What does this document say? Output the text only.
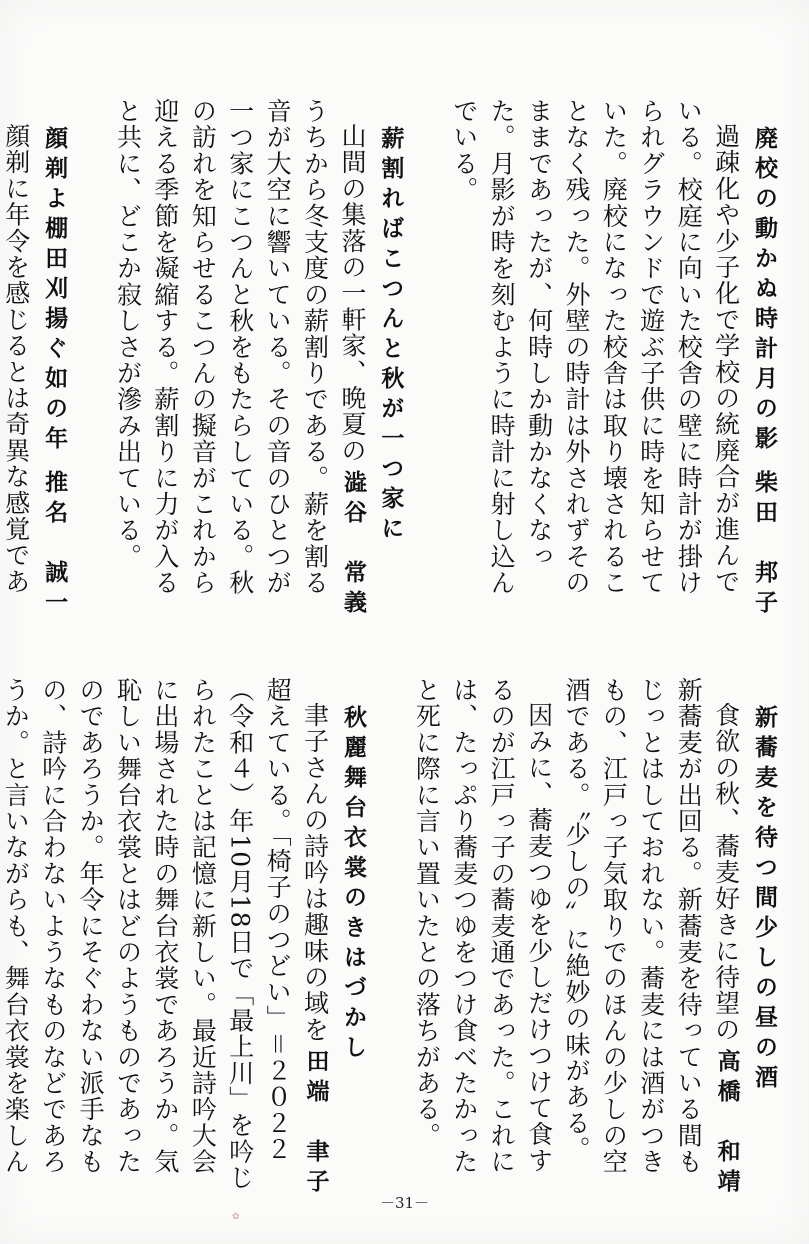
廃校の動かぬ時計月の影
柴田　邦子
過疎化や少子化で学校の統廃合が進んでいる。校庭に向いた校舎の壁に時計が掛けられグラウンドで遊ぶ子供に時を知らせていた。廃校になった校舎は取り壊されることなく残った。外壁の時計は外されずそのままであったが、何時しか動かなくなった。月影が時を刻むように時計に射し込んでいる。
薪割ればこつんと秋が一つ家に
澁谷　常義
山間の集落の一軒家、晩夏のうちから冬支度の薪割りである。薪を割る音が大空に響いている。その音のひとつが一つ家にこつんと秋をもたらしている。秋の訪れを知らせるこつんの擬音がこれから迎える季節を凝縮する。薪割りに力が入ると共に、どこか寂しさが滲み出ている。
顔剃よ棚田刈揚ぐ如の年
推名　誠一
顔剃に年令を感じるとは奇異な感覚であ
新蕎麦を待つ間少しの昼の酒
高橋　和靖
食欲の秋、蕎麦好きに待望の新蕎麦が出回る。新蕎麦を待っている間もじっとはしておれない。蕎麦には酒がつきもの、江戸っ子気取りでのほんの少しの空酒である。〝少しの〟に絶妙の味がある。
因みに、蕎麦つゆを少しだけつけて食するのが江戸っ子の蕎麦通であった。これには、たっぷり蕎麦つゆをつけ食べたかったと死に際に言い置いたとの落ちがある。
秋麗舞台衣裳のきはづかし
田端　聿子
聿子さんの詩吟は趣味の域を超えている。「椅子のつどい」＝２０２２（令和４）年10月18日で「最上川」を吟じられたことは記憶に新しい。最近詩吟大会に出場された時の舞台衣裳であろうか。気恥しい舞台衣裳とはどのようものであったのであろうか。年令にそぐわない派手なもの、詩吟に合わないようなものなどであろうか。と言いながらも、舞台衣裳を楽しん
－31－
✿
